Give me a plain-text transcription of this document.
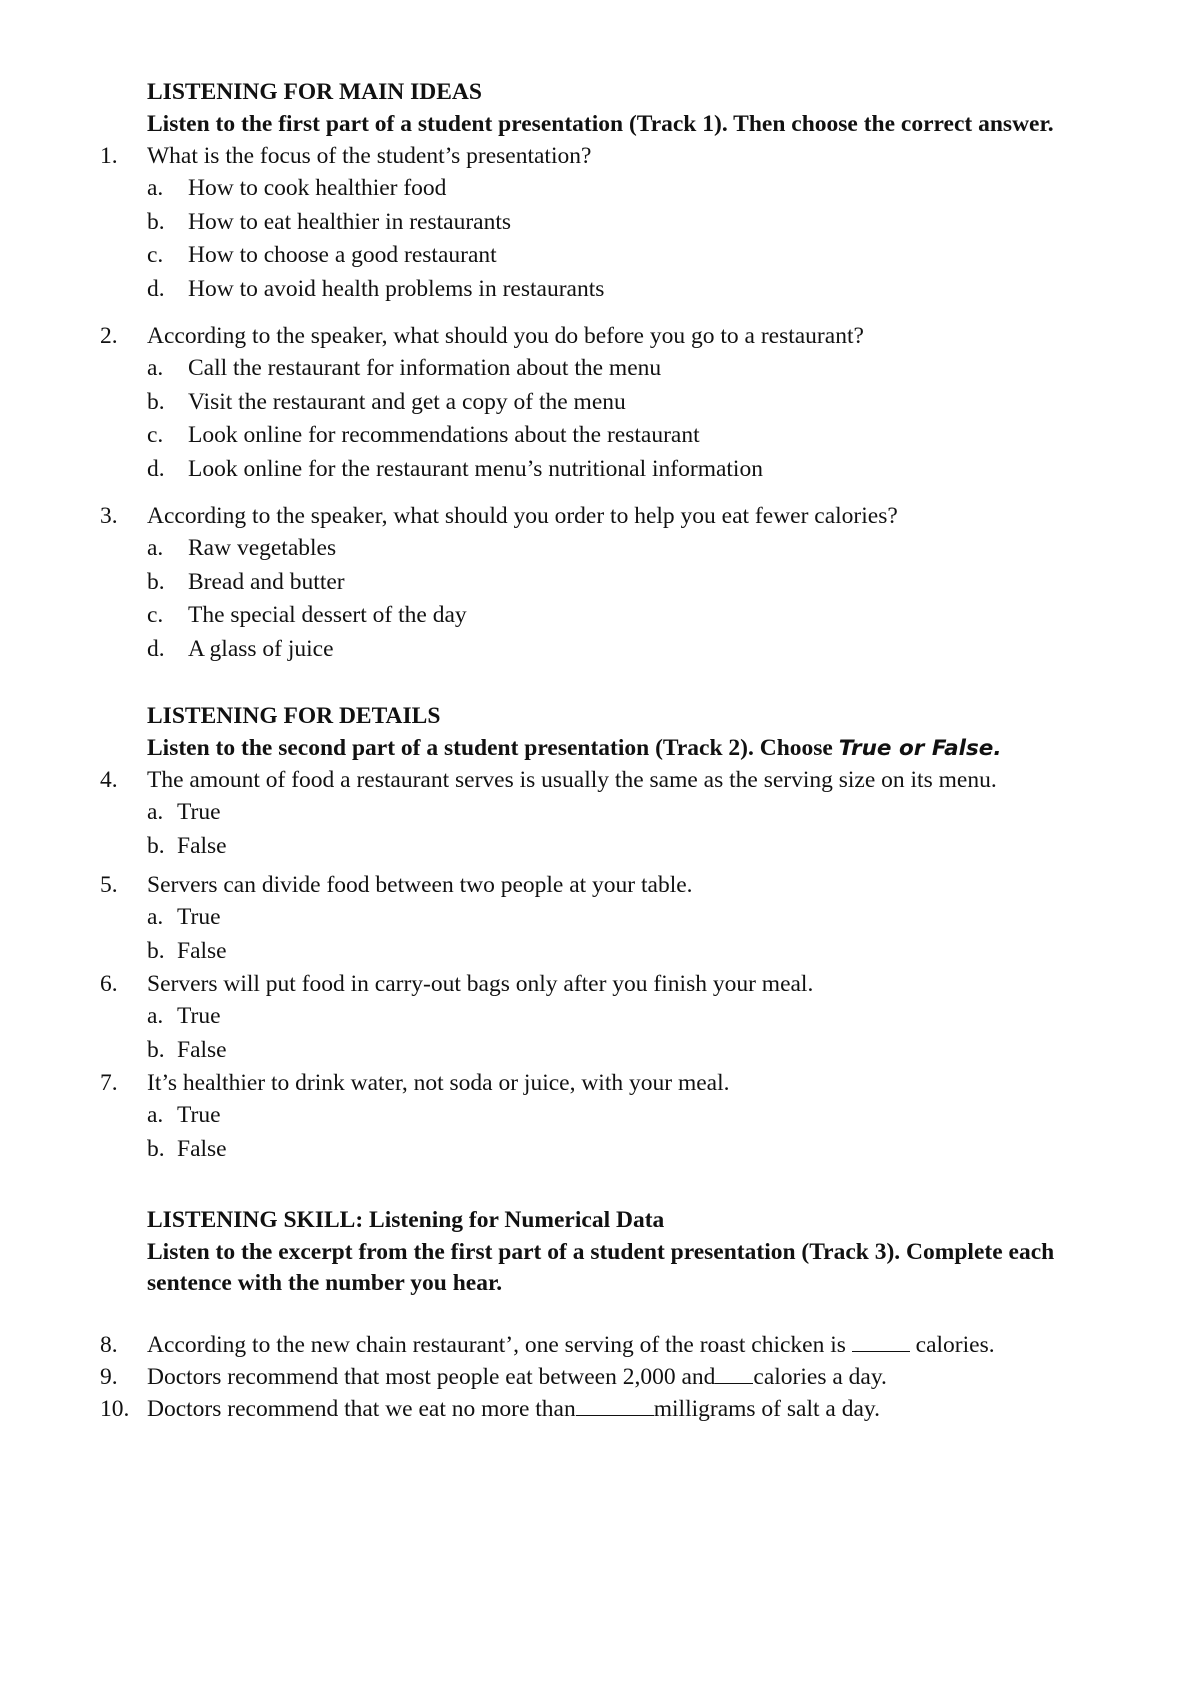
LISTENING FOR MAIN IDEAS
Listen to the first part of a student presentation (Track 1). Then choose the correct answer.
1.	What is the focus of the student’s presentation?
a.	How to cook healthier food
b. How to eat healthier in restaurants
c.	How to choose a good restaurant
d. How to avoid health problems in restaurants
2.	According to the speaker, what should you do before you go to a restaurant?
a.	Call the restaurant for information about the menu
b. Visit the restaurant and get a copy of the menu
c.	Look online for recommendations about the restaurant
d. Look online for the restaurant menu’s nutritional information
3.	According to the speaker, what should you order to help you eat fewer calories?
a.	Raw vegetables
b. Bread and butter
c.	The special dessert of the day
d. A glass of juice
LISTENING FOR DETAILS
Listen to the second part of a student presentation (Track 2). Choose True or False.
4.	The amount of food a restaurant serves is usually the same as the serving size on its menu.
a. True
b. False
5.	Servers can divide food between two people at your table.
a. True
b. False
6.	Servers will put food in carry-out bags only after you finish your meal.
a. True
b. False
7.	It’s healthier to drink water, not soda or juice, with your meal.
a. True
b. False
LISTENING SKILL: Listening for Numerical Data
Listen to the excerpt from the first part of a student presentation (Track 3). Complete each sentence with the number you hear.
8.	According to the new chain restaurant’, one serving of the roast chicken is  calories.
9.	Doctors recommend that most people eat between 2,000 and calories a day.
10. Doctors recommend that we eat no more than	milligrams of salt a day.
